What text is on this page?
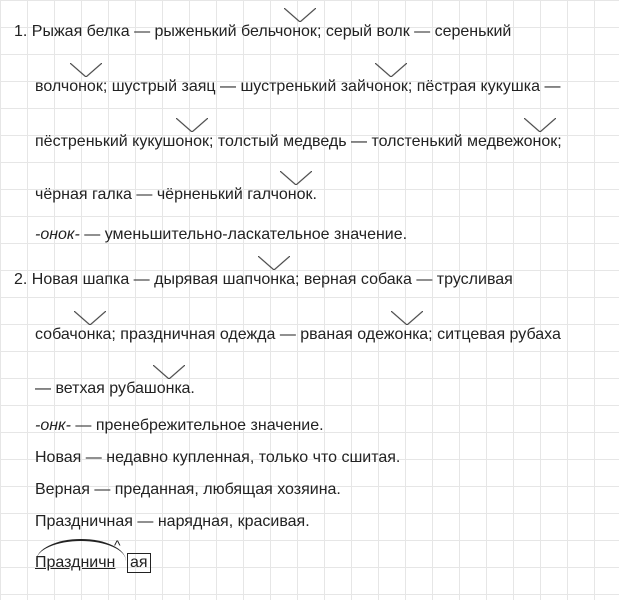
1. Рыжая белка — рыженький бельчонок; серый волк — серенький
волчонок; шустрый заяц — шустренький зайчонок; пёстрая кукушка —
пёстренький кукушонок; толстый медведь — толстенький медвежонок;
чёрная галка — чёрненький галчонок.
-онок- — уменьшительно-ласкательное значение.
2. Новая шапка — дырявая шапчонка; верная собака — трусливая
собачонка; праздничная одежда — рваная одежонка; ситцевая рубаха
— ветхая рубашонка.
-онк- — пренебрежительное значение.
Новая — недавно купленная, только что сшитая.
Верная — преданная, любящая хозяина.
Праздничная — нарядная, красивая.
^
Праздничн ая
